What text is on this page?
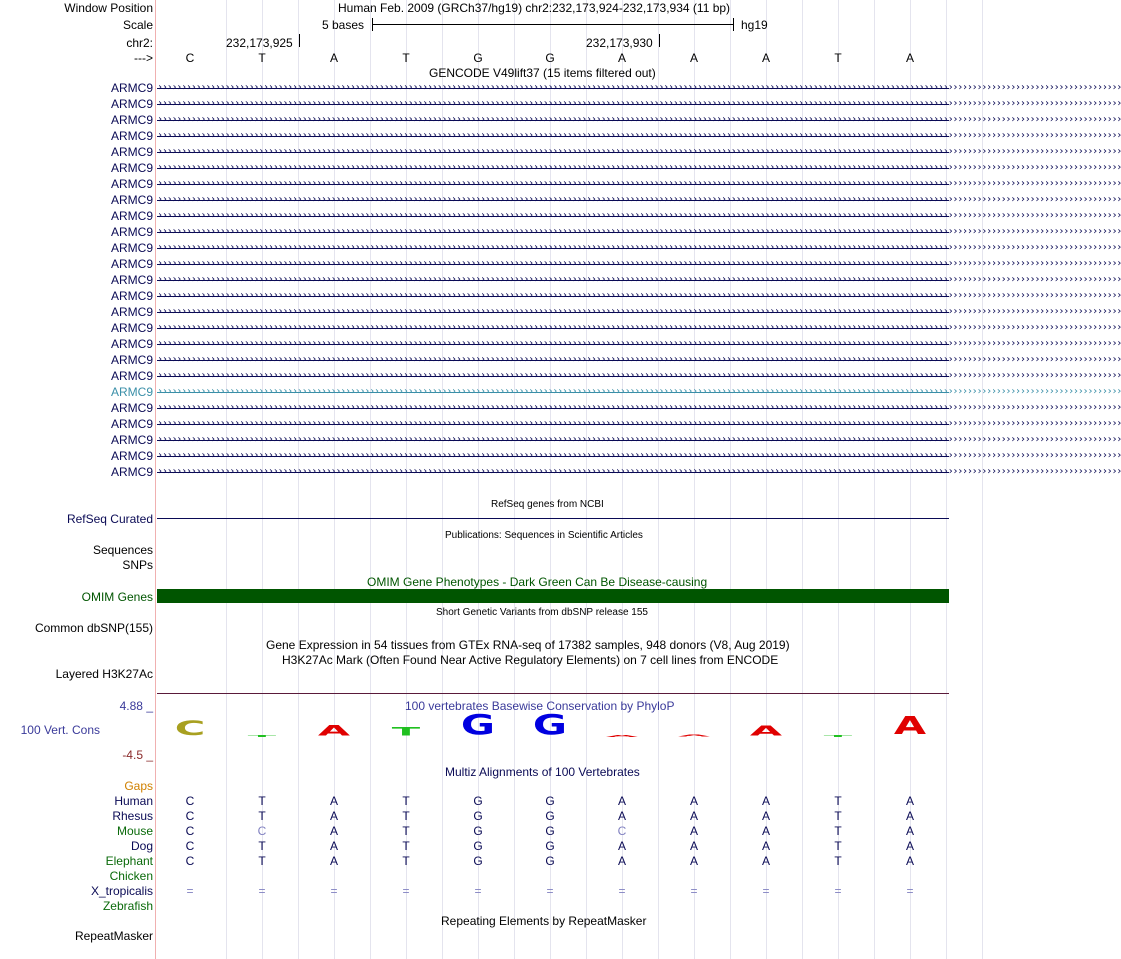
Window Position	Human Feb. 2009 (GRCh37/hg19) chr2:232,173,924-232,173,934 (11 bp)
Scale	5 bases	hg19
chr2:	232,173,925	232,173,930
--->	C	T	A	T	G	G	A	A	A	T	A
GENCODE V49lift37 (15 items filtered out)
ARMC9 ››››››››››››››››››››››››››››››››››››››››››››››››››››››››››››››››››››››››››››››››››››››››››››››››››››››››››››››››››››››››››››››››››››››››››››››››››››››››››››››››››››››››››››››››››››››››››››››››››››››››
ARMC9 ››››››››››››››››››››››››››››››››››››››››››››››››››››››››››››››››››››››››››››››››››››››››››››››››››››››››››››››››››››››››››››››››››››››››››››››››››››››››››››››››››››››››››››››››››››››››››››››››››››››››
ARMC9 ››››››››››››››››››››››››››››››››››››››››››››››››››››››››››››››››››››››››››››››››››››››››››››››››››››››››››››››››››››››››››››››››››››››››››››››››››››››››››››››››››››››››››››››››››››››››››››››››››››››››
ARMC9 ››››››››››››››››››››››››››››››››››››››››››››››››››››››››››››››››››››››››››››››››››››››››››››››››››››››››››››››››››››››››››››››››››››››››››››››››››››››››››››››››››››››››››››››››››››››››››››››››››››››››
ARMC9 ››››››››››››››››››››››››››››››››››››››››››››››››››››››››››››››››››››››››››››››››››››››››››››››››››››››››››››››››››››››››››››››››››››››››››››››››››››››››››››››››››››››››››››››››››››››››››››››››››››››››
ARMC9 ››››››››››››››››››››››››››››››››››››››››››››››››››››››››››››››››››››››››››››››››››››››››››››››››››››››››››››››››››››››››››››››››››››››››››››››››››››››››››››››››››››››››››››››››››››››››››››››››››››››››
ARMC9 ››››››››››››››››››››››››››››››››››››››››››››››››››››››››››››››››››››››››››››››››››››››››››››››››››››››››››››››››››››››››››››››››››››››››››››››››››››››››››››››››››››››››››››››››››››››››››››››››››››››››
ARMC9 ››››››››››››››››››››››››››››››››››››››››››››››››››››››››››››››››››››››››››››››››››››››››››››››››››››››››››››››››››››››››››››››››››››››››››››››››››››››››››››››››››››››››››››››››››››››››››››››››››››››››
ARMC9 ››››››››››››››››››››››››››››››››››››››››››››››››››››››››››››››››››››››››››››››››››››››››››››››››››››››››››››››››››››››››››››››››››››››››››››››››››››››››››››››››››››››››››››››››››››››››››››››››››››››››
ARMC9 ››››››››››››››››››››››››››››››››››››››››››››››››››››››››››››››››››››››››››››››››››››››››››››››››››››››››››››››››››››››››››››››››››››››››››››››››››››››››››››››››››››››››››››››››››››››››››››››››››››››››
ARMC9 ››››››››››››››››››››››››››››››››››››››››››››››››››››››››››››››››››››››››››››››››››››››››››››››››››››››››››››››››››››››››››››››››››››››››››››››››››››››››››››››››››››››››››››››››››››››››››››››››››››››››
ARMC9 ››››››››››››››››››››››››››››››››››››››››››››››››››››››››››››››››››››››››››››››››››››››››››››››››››››››››››››››››››››››››››››››››››››››››››››››››››››››››››››››››››››››››››››››››››››››››››››››››››››››››
ARMC9 ››››››››››››››››››››››››››››››››››››››››››››››››››››››››››››››››››››››››››››››››››››››››››››››››››››››››››››››››››››››››››››››››››››››››››››››››››››››››››››››››››››››››››››››››››››››››››››››››››››››››
ARMC9 ››››››››››››››››››››››››››››››››››››››››››››››››››››››››››››››››››››››››››››››››››››››››››››››››››››››››››››››››››››››››››››››››››››››››››››››››››››››››››››››››››››››››››››››››››››››››››››››››››››››››
ARMC9 ››››››››››››››››››››››››››››››››››››››››››››››››››››››››››››››››››››››››››››››››››››››››››››››››››››››››››››››››››››››››››››››››››››››››››››››››››››››››››››››››››››››››››››››››››››››››››››››››››››››››
ARMC9 ››››››››››››››››››››››››››››››››››››››››››››››››››››››››››››››››››››››››››››››››››››››››››››››››››››››››››››››››››››››››››››››››››››››››››››››››››››››››››››››››››››››››››››››››››››››››››››››››››››››››
ARMC9 ››››››››››››››››››››››››››››››››››››››››››››››››››››››››››››››››››››››››››››››››››››››››››››››››››››››››››››››››››››››››››››››››››››››››››››››››››››››››››››››››››››››››››››››››››››››››››››››››››››››››
ARMC9 ››››››››››››››››››››››››››››››››››››››››››››››››››››››››››››››››››››››››››››››››››››››››››››››››››››››››››››››››››››››››››››››››››››››››››››››››››››››››››››››››››››››››››››››››››››››››››››››››››››››››
ARMC9 ››››››››››››››››››››››››››››››››››››››››››››››››››››››››››››››››››››››››››››››››››››››››››››››››››››››››››››››››››››››››››››››››››››››››››››››››››››››››››››››››››››››››››››››››››››››››››››››››››››››››
ARMC9 ››››››››››››››››››››››››››››››››››››››››››››››››››››››››››››››››››››››››››››››››››››››››››››››››››››››››››››››››››››››››››››››››››››››››››››››››››››››››››››››››››››››››››››››››››››››››››››››››››››››››
ARMC9 ››››››››››››››››››››››››››››››››››››››››››››››››››››››››››››››››››››››››››››››››››››››››››››››››››››››››››››››››››››››››››››››››››››››››››››››››››››››››››››››››››››››››››››››››››››››››››››››››››››››››
ARMC9 ››››››››››››››››››››››››››››››››››››››››››››››››››››››››››››››››››››››››››››››››››››››››››››››››››››››››››››››››››››››››››››››››››››››››››››››››››››››››››››››››››››››››››››››››››››››››››››››››››››››››
ARMC9 ››››››››››››››››››››››››››››››››››››››››››››››››››››››››››››››››››››››››››››››››››››››››››››››››››››››››››››››››››››››››››››››››››››››››››››››››››››››››››››››››››››››››››››››››››››››››››››››››››››››››
ARMC9 ››››››››››››››››››››››››››››››››››››››››››››››››››››››››››››››››››››››››››››››››››››››››››››››››››››››››››››››››››››››››››››››››››››››››››››››››››››››››››››››››››››››››››››››››››››››››››››››››››››››››
ARMC9 ››››››››››››››››››››››››››››››››››››››››››››››››››››››››››››››››››››››››››››››››››››››››››››››››››››››››››››››››››››››››››››››››››››››››››››››››››››››››››››››››››››››››››››››››››››››››››››››››››››››››
RefSeq genes from NCBI
RefSeq Curated
Publications: Sequences in Scientific Articles
Sequences
SNPs
OMIM Gene Phenotypes - Dark Green Can Be Disease-causing
OMIM Genes
Short Genetic Variants from dbSNP release 155
Common dbSNP(155)
Gene Expression in 54 tissues from GTEx RNA-seq of 17382 samples, 948 donors (V8, Aug 2019)
H3K27Ac Mark (Often Found Near Active Regulatory Elements) on 7 cell lines from ENCODE
Layered H3K27Ac
100 vertebrates Basewise Conservation by PhyloP
4.88 _
100 Vert. Cons
-4.5 _
C	T	A	T	G	G	A	A	A	T	A
Multiz Alignments of 100 Vertebrates
Gaps
Human	C	T	A	T	G	G	A	A	A	T	A
Rhesus	C	T	A	T	G	G	A	A	A	T	A
Mouse	C	C	A	T	G	G	C	A	A	T	A
Dog	C	T	A	T	G	G	A	A	A	T	A
Elephant	C	T	A	T	G	G	A	A	A	T	A
Chicken
X_tropicalis	=	=	=	=	=	=	=	=	=	=	=
Zebrafish
Repeating Elements by RepeatMasker
RepeatMasker
